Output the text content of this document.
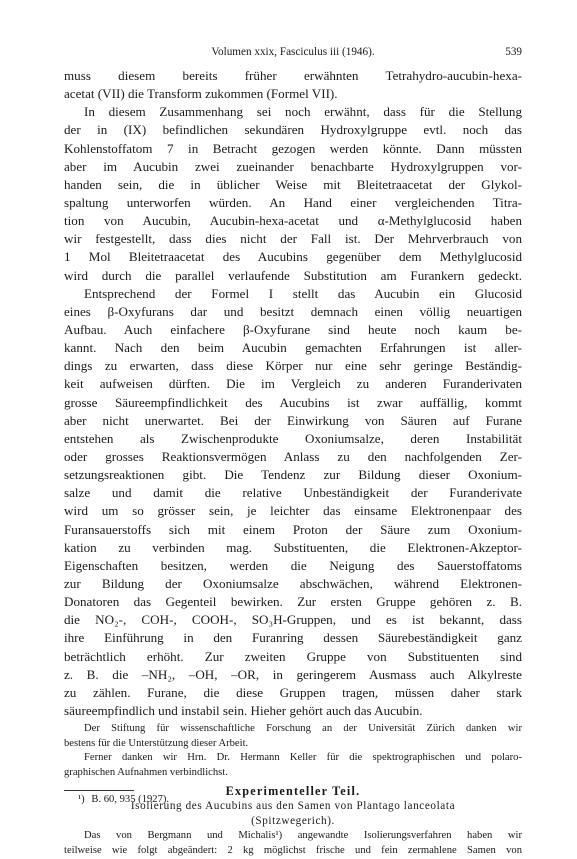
Volumen xxix, Fasciculus iii (1946).	539
muss diesem bereits früher erwähnten Tetrahydro-aucubin-hexa-
acetat (VII) die Transform zukommen (Formel VII).
In diesem Zusammenhang sei noch erwähnt, dass für die Stellung
der in (IX) befindlichen sekundären Hydroxylgruppe evtl. noch das
Kohlenstoffatom 7 in Betracht gezogen werden könnte. Dann müssten
aber im Aucubin zwei zueinander benachbarte Hydroxylgruppen vor-
handen sein, die in üblicher Weise mit Bleitetraacetat der Glykol-
spaltung unterworfen würden. An Hand einer vergleichenden Titra-
tion von Aucubin, Aucubin-hexa-acetat und α-Methylglucosid haben
wir festgestellt, dass dies nicht der Fall ist. Der Mehrverbrauch von
1 Mol Bleitetraacetat des Aucubins gegenüber dem Methylglucosid
wird durch die parallel verlaufende Substitution am Furankern gedeckt.
Entsprechend der Formel I stellt das Aucubin ein Glucosid
eines β-Oxyfurans dar und besitzt demnach einen völlig neuartigen
Aufbau. Auch einfachere β-Oxyfurane sind heute noch kaum be-
kannt. Nach den beim Aucubin gemachten Erfahrungen ist aller-
dings zu erwarten, dass diese Körper nur eine sehr geringe Beständig-
keit aufweisen dürften. Die im Vergleich zu anderen Furanderivaten
grosse Säureempfindlichkeit des Aucubins ist zwar auffällig, kommt
aber nicht unerwartet. Bei der Einwirkung von Säuren auf Furane
entstehen als Zwischenprodukte Oxoniumsalze, deren Instabilität
oder grosses Reaktionsvermögen Anlass zu den nachfolgenden Zer-
setzungsreaktionen gibt. Die Tendenz zur Bildung dieser Oxonium-
salze und damit die relative Unbeständigkeit der Furanderivate
wird um so grösser sein, je leichter das einsame Elektronenpaar des
Furansauerstoffs sich mit einem Proton der Säure zum Oxonium-
kation zu verbinden mag. Substituenten, die Elektronen-Akzeptor-
Eigenschaften besitzen, werden die Neigung des Sauerstoffatoms
zur Bildung der Oxoniumsalze abschwächen, während Elektronen-
Donatoren das Gegenteil bewirken. Zur ersten Gruppe gehören z. B.
die NO₂-, COH-, COOH-, SO₃H-Gruppen, und es ist bekannt, dass
ihre Einführung in den Furanring dessen Säurebeständigkeit ganz
beträchtlich erhöht. Zur zweiten Gruppe von Substituenten sind
z. B. die –NH₂, –OH, –OR, in geringerem Ausmass auch Alkylreste
zu zählen. Furane, die diese Gruppen tragen, müssen daher stark
säureempfindlich und instabil sein. Hieher gehört auch das Aucubin.
Der Stiftung für wissenschaftliche Forschung an der Universität Zürich danken wir
bestens für die Unterstützung dieser Arbeit.
Ferner danken wir Hrn. Dr. Hermann Keller für die spektrographischen und polaro-
graphischen Aufnahmen verbindlichst.
Experimenteller Teil.
Isolierung des Aucubins aus den Samen von Plantago lanceolata
(Spitzwegerich).
Das von Bergmann und Michalis¹) angewandte Isolierungsverfahren haben wir
teilweise wie folgt abgeändert: 2 kg möglichst frische und fein zermahlene Samen von
¹) B. 60, 935 (1927).
